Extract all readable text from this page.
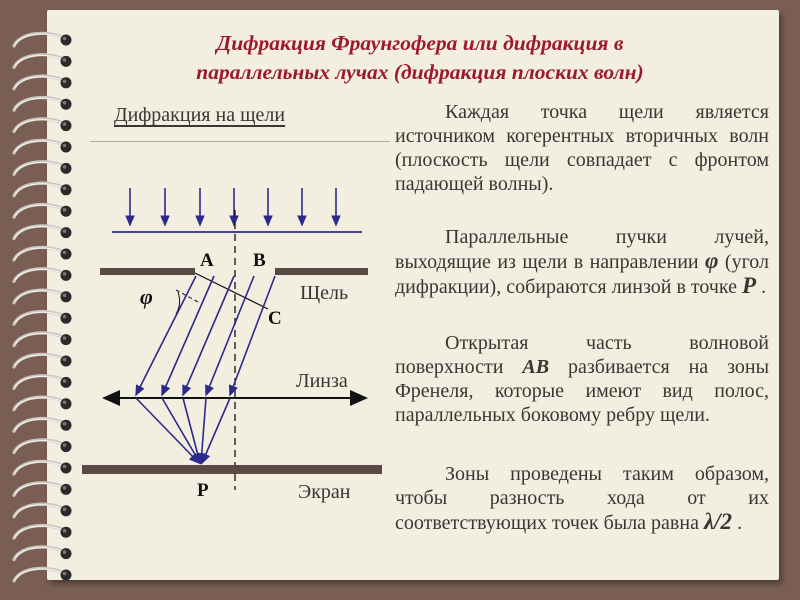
Дифракция Фраунгофера или дифракция в
параллельных лучах (дифракция плоских волн)
Дифракция на щели
A B
C
P
φ	Щель
Линза
Экран

Каждая точка щели является источником когерентных вторичных волн (плоскость щели совпадает с фронтом падающей волны).

Параллельные пучки лучей, выходящие из щели в направлении φ (угол дифракции), собираются линзой в точке P .

Открытая часть волновой поверхности АВ разбивается на зоны Френеля, которые имеют вид полос, параллельных боковому ребру щели.

Зоны проведены таким образом, чтобы разность хода от их соответствующих точек была равна λ/2 .
